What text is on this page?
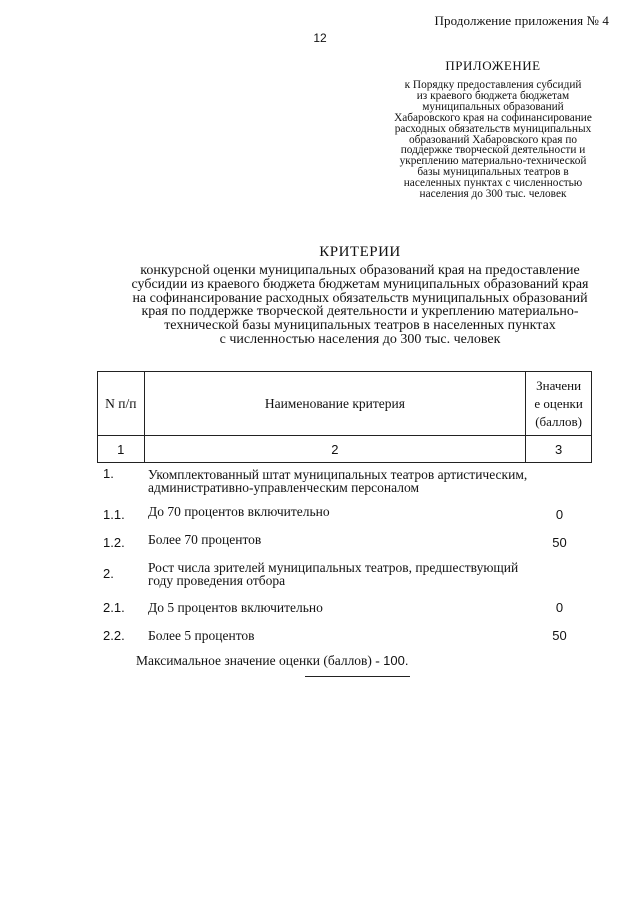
Продолжение приложения № 4
12
ПРИЛОЖЕНИЕ
к Порядку предоставления субсидий
из краевого бюджета бюджетам
муниципальных образований
Хабаровского края на софинансирование
расходных обязательств муниципальных
образований Хабаровского края по
поддержке творческой деятельности и
укреплению материально-технической
базы муниципальных театров в
населенных пунктах с численностью
населения до 300 тыс. человек
КРИТЕРИИ
конкурсной оценки муниципальных образований края на предоставление
субсидии из краевого бюджета бюджетам муниципальных образований края
на софинансирование расходных обязательств муниципальных образований
края по поддержке творческой деятельности и укреплению материально-
технической базы муниципальных театров в населенных пунктах
с численностью населения до 300 тыс. человек
N п/п	Наименование критерия	Значени
е оценки
(баллов)
1	2	3
1.	Укомплектованный штат муниципальных театров артистическим,
административно-управленческим персоналом
1.1. До 70 процентов включительно	0
1.2. Более 70 процентов	50
2.	Рост числа зрителей муниципальных театров, предшествующий
году проведения отбора
2.1. До 5 процентов включительно	0
2.2. Более 5 процентов	50
Максимальное значение оценки (баллов) - 100.
